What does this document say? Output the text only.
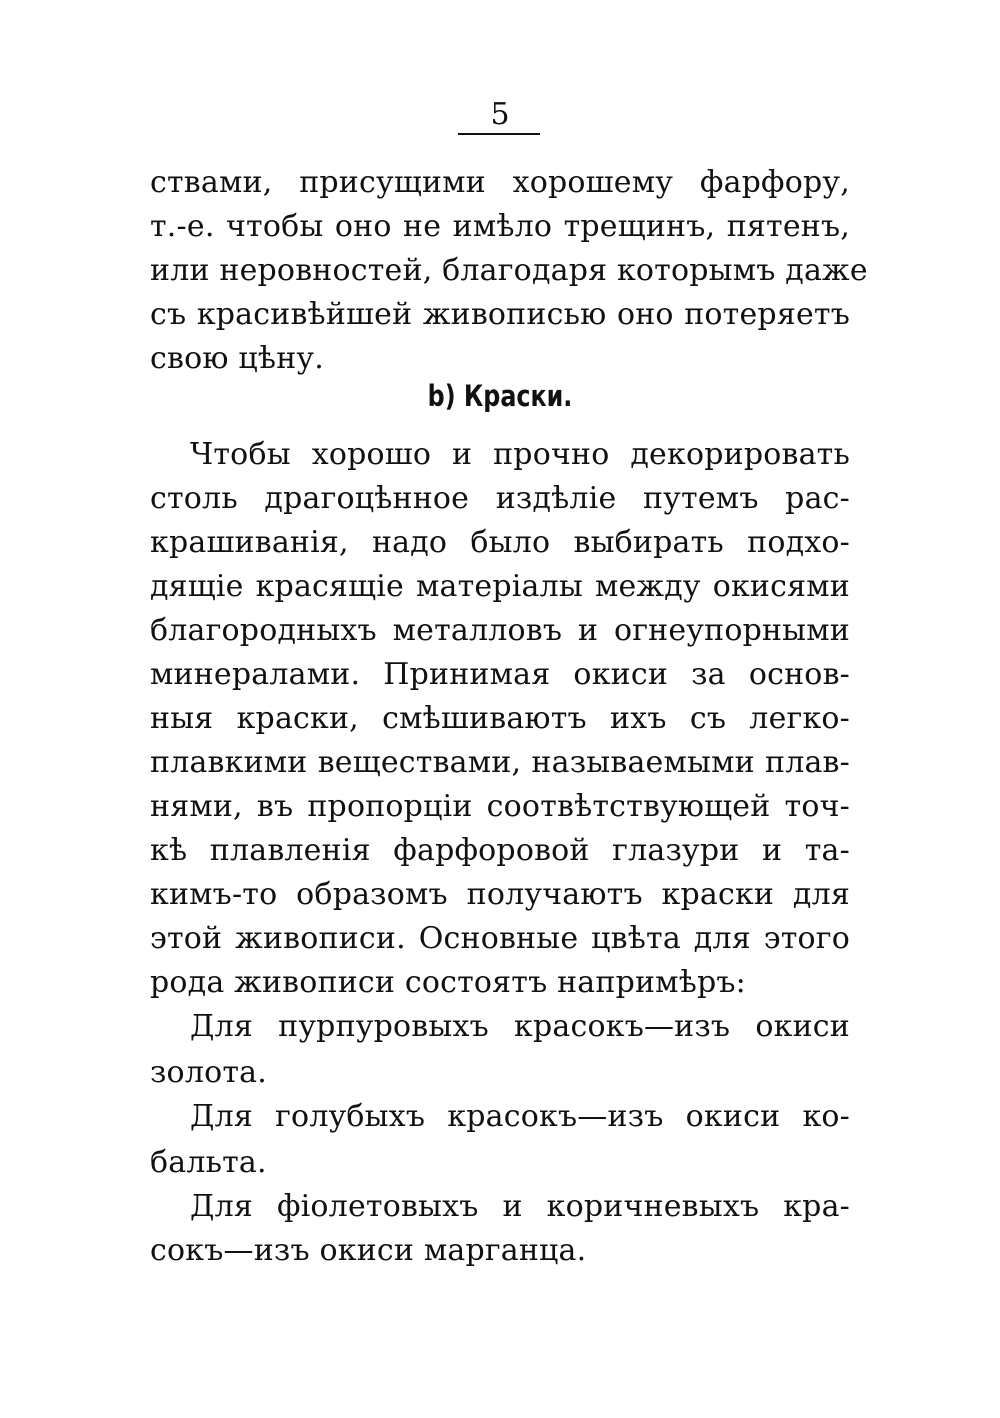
5
ствами, присущими хорошему фарфору,
т.-е. чтобы оно не имѣло трещинъ, пятенъ,
или неровностей, благодаря которымъ даже
съ красивѣйшей живописью оно потеряетъ
свою цѣну.
b) Краски.
Чтобы хорошо и прочно декорировать
столь драгоцѣнное издѣліе путемъ рас-
крашиванія, надо было выбирать подхо-
дящіе красящіе матеріалы между окисями
благородныхъ металловъ и огнеупорными
минералами. Принимая окиси за основ-
ныя краски, смѣшиваютъ ихъ съ легко-
плавкими веществами, называемыми плав-
нями, въ пропорціи соотвѣтствующей точ-
кѣ плавленія фарфоровой глазури и та-
кимъ-то образомъ получаютъ краски для
этой живописи. Основные цвѣта для этого
рода живописи состоятъ напримѣръ:
Для пурпуровыхъ красокъ—изъ окиси
золота.
Для голубыхъ красокъ—изъ окиси ко-
бальта.
Для фіолетовыхъ и коричневыхъ кра-
сокъ—изъ окиси марганца.
